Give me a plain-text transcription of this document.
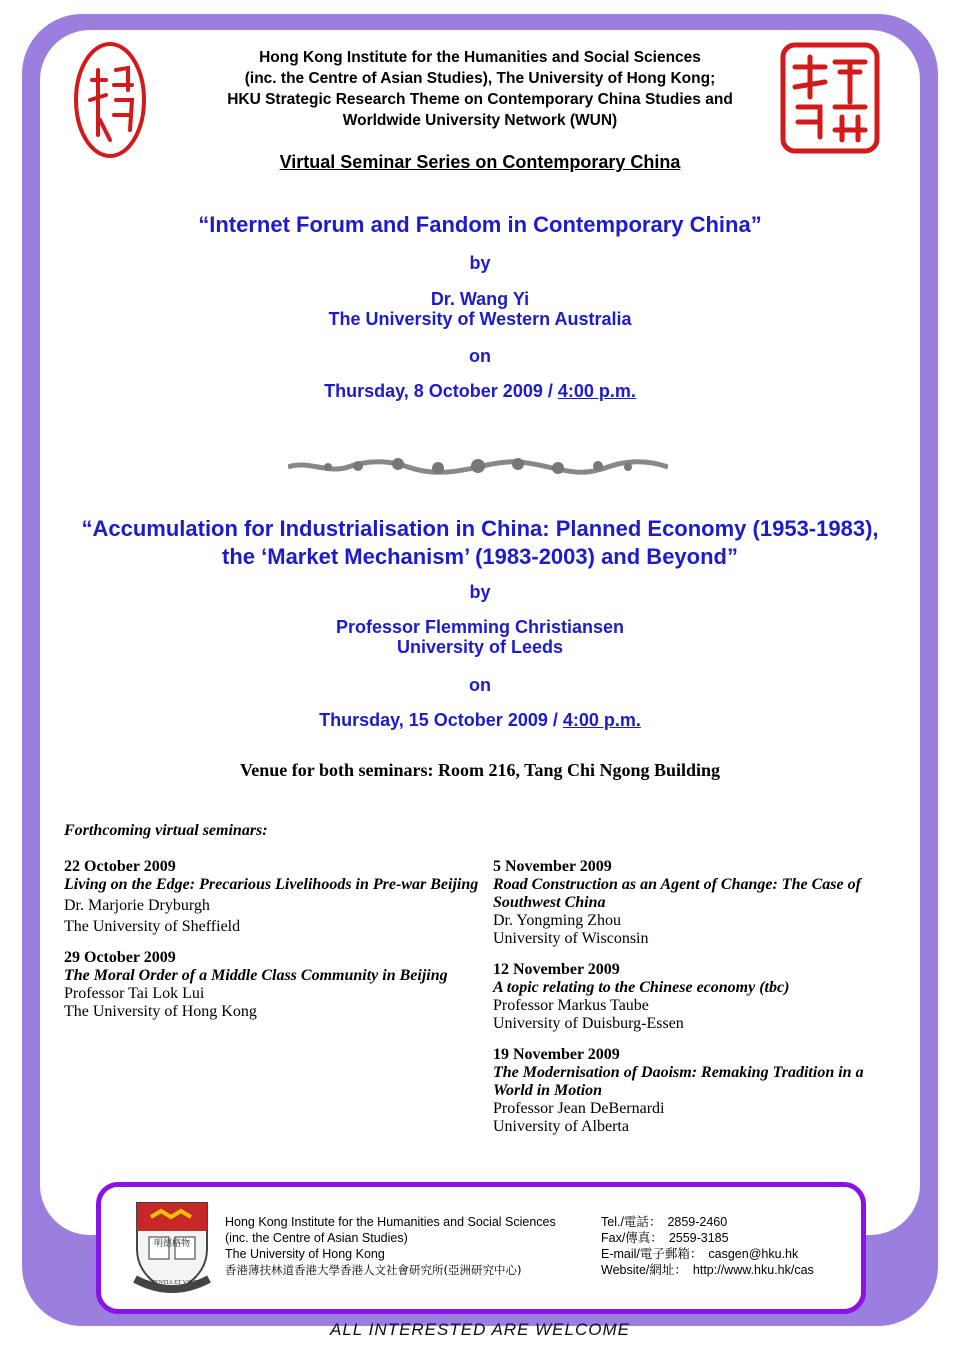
Hong Kong Institute for the Humanities and Social Sciences
(inc. the Centre of Asian Studies), The University of Hong Kong;
HKU Strategic Research Theme on Contemporary China Studies and
Worldwide University Network (WUN)
Virtual Seminar Series on Contemporary China
“Internet Forum and Fandom in Contemporary China”
by
Dr. Wang Yi
The University of Western Australia
on
Thursday, 8 October 2009 / 4:00 p.m.
“Accumulation for Industrialisation in China: Planned Economy (1953-1983),
the ‘Market Mechanism’ (1983-2003) and Beyond”
by
Professor Flemming Christiansen
University of Leeds
on
Thursday, 15 October 2009 / 4:00 p.m.
Venue for both seminars: Room 216, Tang Chi Ngong Building
Forthcoming virtual seminars:
22 October 2009
Living on the Edge: Precarious Livelihoods in Pre-war Beijing
Dr. Marjorie Dryburgh
The University of Sheffield
29 October 2009
The Moral Order of a Middle Class Community in Beijing
Professor Tai Lok Lui
The University of Hong Kong
5 November 2009
Road Construction as an Agent of Change: The Case of Southwest China
Dr. Yongming Zhou
University of Wisconsin
12 November 2009
A topic relating to the Chinese economy (tbc)
Professor Markus Taube
University of Duisburg-Essen
19 November 2009
The Modernisation of Daoism: Remaking Tradition in a World in Motion
Professor Jean DeBernardi
University of Alberta
明德格物
SAPIENTIA ET VIRTUS
Hong Kong Institute for the Humanities and Social Sciences
(inc. the Centre of Asian Studies)
The University of Hong Kong
香港薄扶林道香港大學香港人文社會研究所(亞洲研究中心)
Tel./電話： 2859-2460
Fax/傳真： 2559-3185
E-mail/電子郵箱： casgen@hku.hk
Website/網址： http://www.hku.hk/cas
ALL INTERESTED ARE WELCOME
